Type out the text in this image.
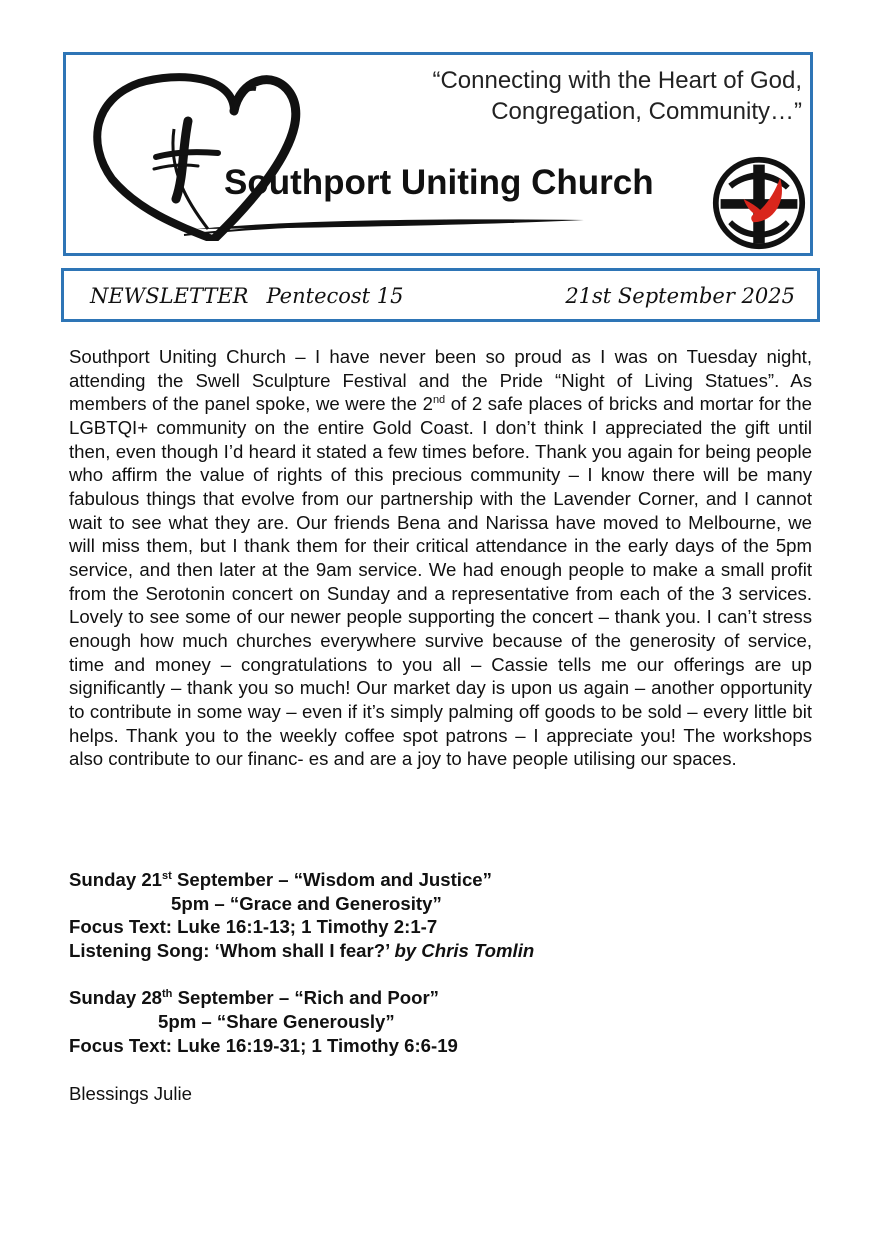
“Connecting with the Heart of God,
Congregation, Community…”
Southport Uniting Church
NEWSLETTER Pentecost 15	21st September 2025

Southport Uniting Church – I have never been so proud as I was on Tuesday night, attending the Swell Sculpture Festival and the Pride “Night of Living Statues”. As members of the panel spoke, we were the 2nd of 2 safe places of bricks and mortar for the LGBTQI+ community on the entire Gold Coast. I don’t think I appreciated the gift until then, even though I’d heard it stated a few times before. Thank you again for being people who affirm the value of rights of this precious community – I know there will be many fabulous things that evolve from our partnership with the Lavender Corner, and I cannot wait to see what they are. Our friends Bena and Narissa have moved to Melbourne, we will miss them, but I thank them for their critical attendance in the early days of the 5pm service, and then later at the 9am service. We had enough people to make a small profit from the Serotonin concert on Sunday and a representative from each of the 3 services. Lovely to see some of our newer people supporting the concert – thank you. I can’t stress enough how much churches everywhere survive because of the generosity of service, time and money – congratulations to you all – Cassie tells me our offerings are up significantly – thank you so much! Our market day is upon us again – another opportunity to contribute in some way – even if it’s simply palming off goods to be sold – every little bit helps. Thank you to the weekly coffee spot patrons – I appreciate you! The workshops also contribute to our financ- es and are a joy to have people utilising our spaces.

Sunday 21st September – “Wisdom and Justice”
5pm – “Grace and Generosity”
Focus Text: Luke 16:1-13; 1 Timothy 2:1-7
Listening Song: ‘Whom shall I fear?’ by Chris Tomlin
Sunday 28th September – “Rich and Poor”
5pm – “Share Generously”
Focus Text: Luke 16:19-31; 1 Timothy 6:6-19

Blessings Julie
